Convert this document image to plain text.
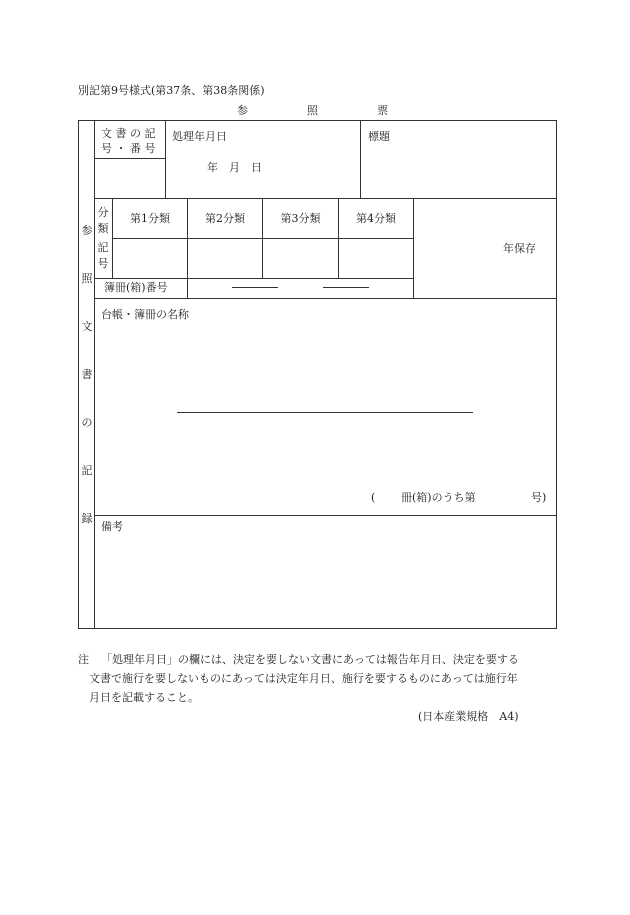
別記第9号様式(第37条、第38条関係)
参	照	票
参
照
文
書
の
記
録
文 書 の 記
号 ・ 番 号
処理年月日
年　月　日
標題
分
類
記
号
第1分類	第2分類	第3分類	第4分類
年保存
簿冊(箱)番号
台帳・簿冊の名称
( 冊(箱)のうち第	号)
備考
注 「処理年月日」の欄には、決定を要しない文書にあっては報告年月日、決定を要する
文書で施行を要しないものにあっては決定年月日、施行を要するものにあっては施行年
月日を記載すること。
(日本産業規格　A4)
